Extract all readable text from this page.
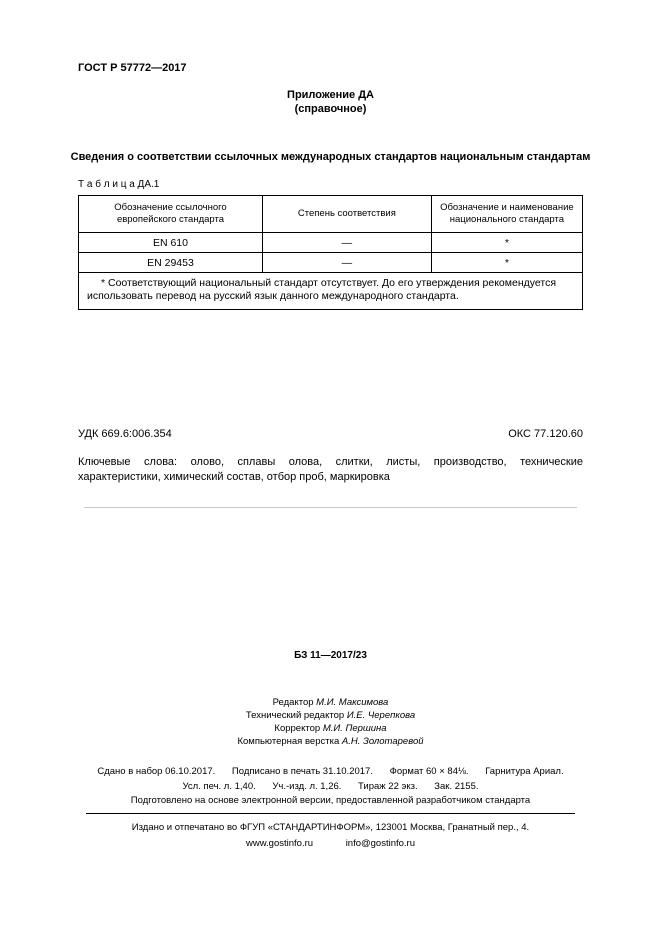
ГОСТ Р 57772—2017
Приложение ДА
(справочное)
Сведения о соответствии ссылочных международных стандартов национальным стандартам
Т а б л и ц а ДА.1
Обозначение ссылочного европейского стандарта	Степень соответствия	Обозначение и наименование национального стандарта
EN 610	—	*
EN 29453	—	*

* Соответствующий национальный стандарт отсутствует. До его утверждения рекомендуется использовать перевод на русский язык данного международного стандарта.		

УДК 669.6:006.354	ОКС 77.120.60
Ключевые слова: олово, сплавы олова, слитки, листы, производство, технические характеристики, химический состав, отбор проб, маркировка
БЗ 11—2017/23
Редактор М.И. Максимова
Технический редактор И.Е. Черепкова
Корректор М.И. Першина
Компьютерная верстка А.Н. Золотаревой
Сдано в набор 06.10.2017. Подписано в печать 31.10.2017. Формат 60 × 84⅛. Гарнитура Ариал.
Усл. печ. л. 1,40. Уч.-изд. л. 1,26. Тираж 22 экз. Зак. 2155.
Подготовлено на основе электронной версии, предоставленной разработчиком стандарта
Издано и отпечатано во ФГУП «СТАНДАРТИНФОРМ», 123001 Москва, Гранатный пер., 4.
www.gostinfo.ru	info@gostinfo.ru
